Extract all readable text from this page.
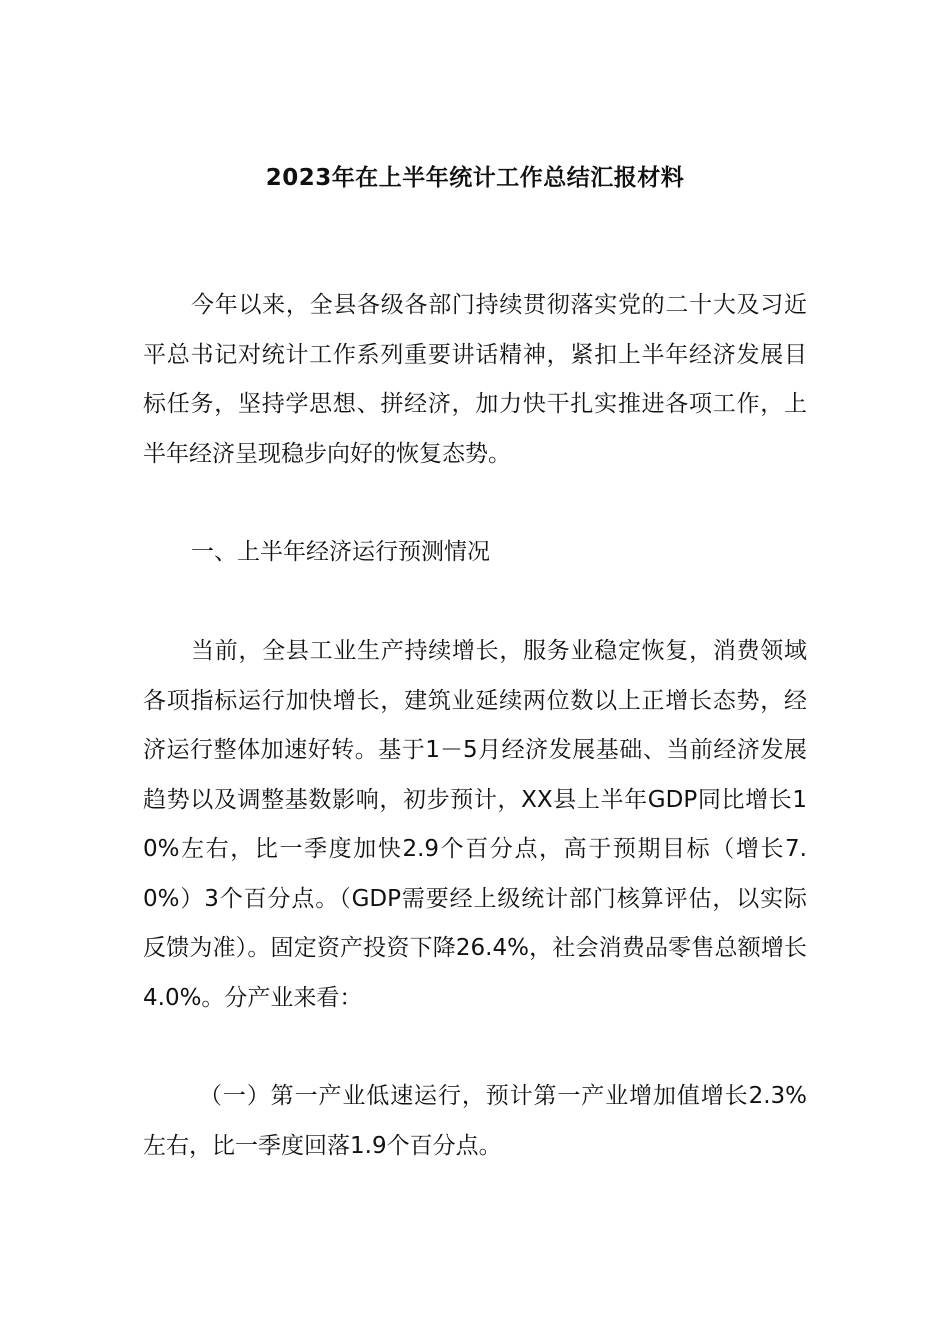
2023年在上半年统计工作总结汇报材料

今年以来，全县各级各部门持续贯彻落实党的二十大及习近平总书记对统计工作系列重要讲话精神，紧扣上半年经济发展目标任务，坚持学思想、拼经济，加力快干扎实推进各项工作，上半年经济呈现稳步向好的恢复态势。

一、上半年经济运行预测情况

当前，全县工业生产持续增长，服务业稳定恢复，消费领域各项指标运行加快增长，建筑业延续两位数以上正增长态势，经济运行整体加速好转。基于1－5月经济发展基础、当前经济发展趋势以及调整基数影响，初步预计，XX县上半年GDP同比增长10%左右，比一季度加快2.9个百分点，高于预期目标（增长7.0%）3个百分点。（GDP需要经上级统计部门核算评估，以实际反馈为准）。固定资产投资下降26.4%，社会消费品零售总额增长4.0%。分产业来看：

（一）第一产业低速运行，预计第一产业增加值增长2.3%左右，比一季度回落1.9个百分点。
